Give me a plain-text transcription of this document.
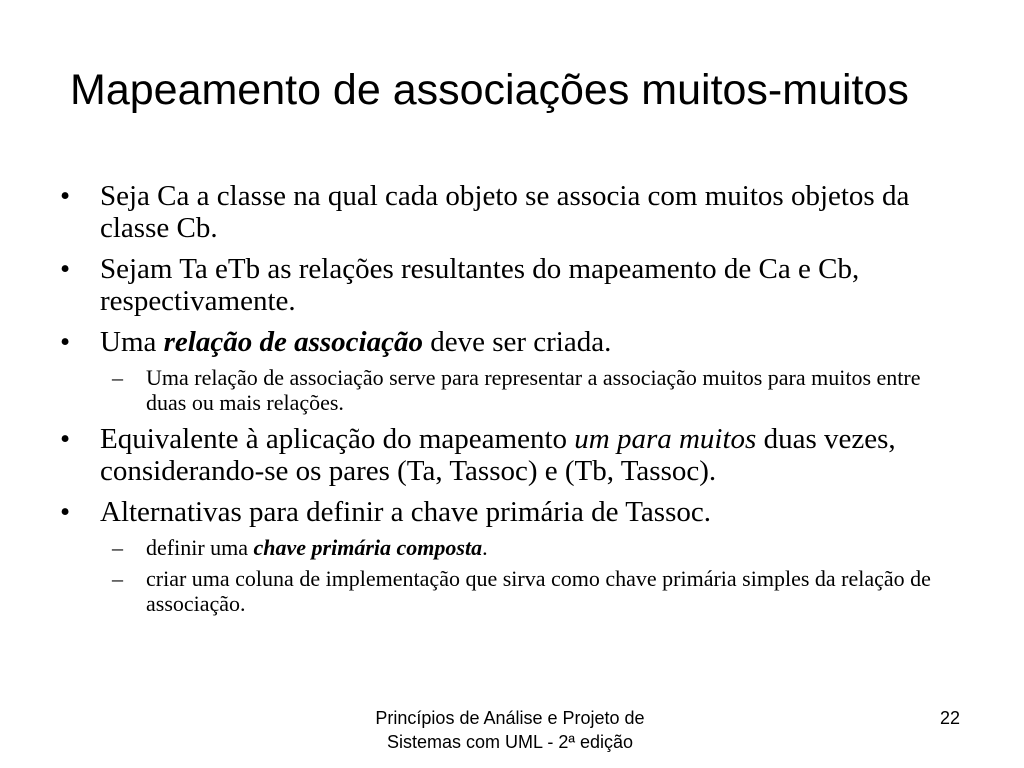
Mapeamento de associações muitos-muitos
•	Seja Ca a classe na qual cada objeto se associa com muitos objetos da classe Cb.
•	Sejam Ta eTb as relações resultantes do mapeamento de Ca e Cb, respectivamente.
•	Uma relação de associação deve ser criada.
– Uma relação de associação serve para representar a associação muitos para muitos entre duas ou mais relações.
•	Equivalente à aplicação do mapeamento um para muitos duas vezes, considerando-se os pares (Ta, Tassoc) e (Tb, Tassoc).
•	Alternativas para definir a chave primária de Tassoc.
– definir uma chave primária composta.
– criar uma coluna de implementação que sirva como chave primária simples da relação de associação.
Princípios de Análise e Projeto de
Sistemas com UML - 2ª edição
22
